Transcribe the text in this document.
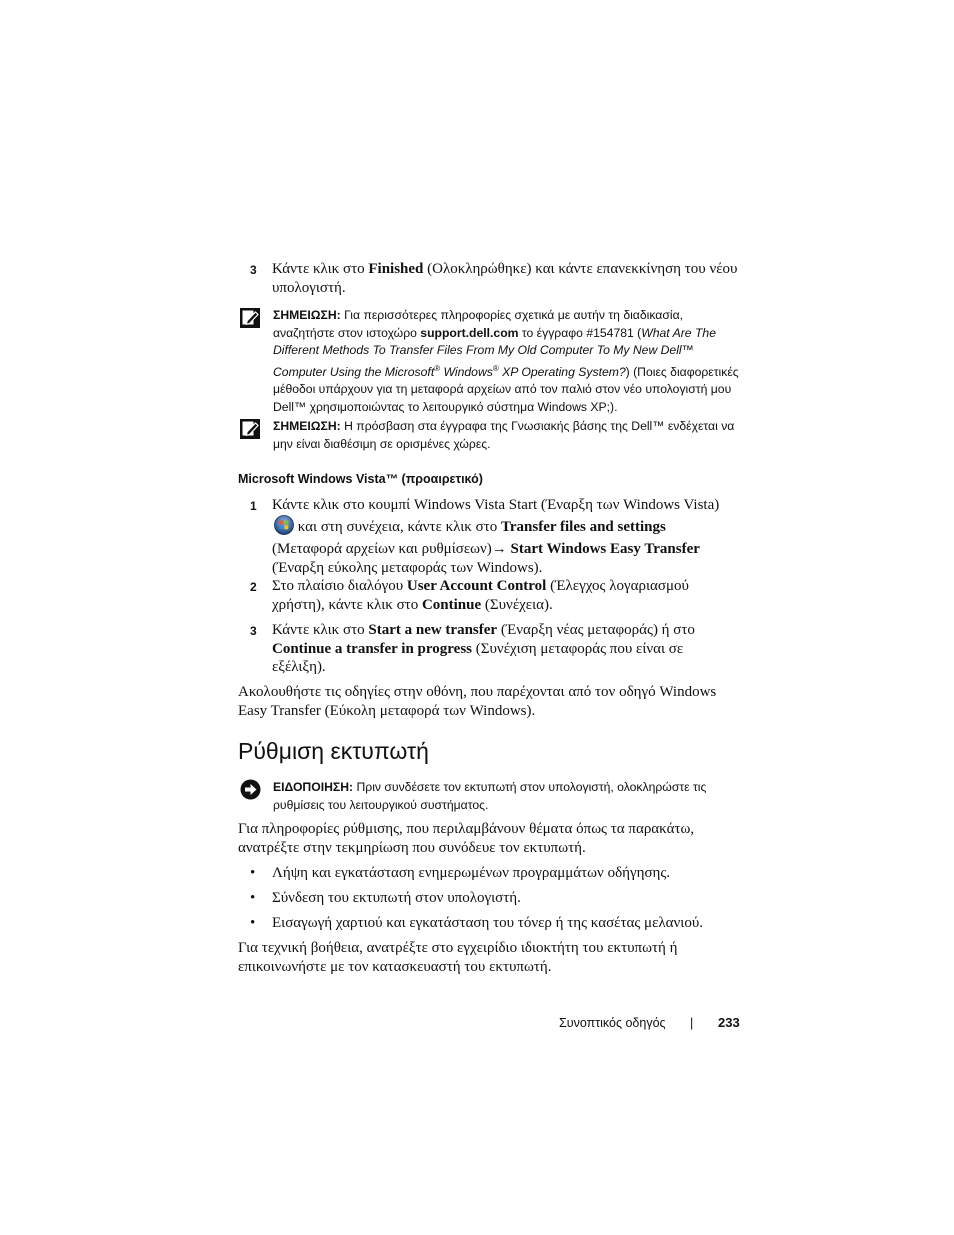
3 Κάντε κλικ στο Finished (Ολοκληρώθηκε) και κάντε επανεκκίνηση του νέου υπολογιστή.
ΣΗΜΕΙΩΣΗ: Για περισσότερες πληροφορίες σχετικά με αυτήν τη διαδικασία, αναζητήστε στον ιστοχώρο support.dell.com το έγγραφο #154781 (What Are The Different Methods To Transfer Files From My Old Computer To My New Dell™ Computer Using the Microsoft® Windows® XP Operating System?) (Ποιες διαφορετικές μέθοδοι υπάρχουν για τη μεταφορά αρχείων από τον παλιό στον νέο υπολογιστή μου Dell™ χρησιμοποιώντας το λειτουργικό σύστημα Windows XP;).
ΣΗΜΕΙΩΣΗ: Η πρόσβαση στα έγγραφα της Γνωσιακής βάσης της Dell™ ενδέχεται να μην είναι διαθέσιμη σε ορισμένες χώρες.
Microsoft Windows Vista™ (προαιρετικό)
1 Κάντε κλικ στο κουμπί Windows Vista Start (Έναρξη των Windows Vista)
και στη συνέχεια, κάντε κλικ στο Transfer files and settings (Μεταφορά αρχείων και ρυθμίσεων)→ Start Windows Easy Transfer (Έναρξη εύκολης μεταφοράς των Windows).
2 Στο πλαίσιο διαλόγου User Account Control (Έλεγχος λογαριασμού χρήστη), κάντε κλικ στο Continue (Συνέχεια).
3 Κάντε κλικ στο Start a new transfer (Έναρξη νέας μεταφοράς) ή στο Continue a transfer in progress (Συνέχιση μεταφοράς που είναι σε εξέλιξη).
Ακολουθήστε τις οδηγίες στην οθόνη, που παρέχονται από τον οδηγό Windows Easy Transfer (Εύκολη μεταφορά των Windows).
Ρύθμιση εκτυπωτή
ΕΙΔΟΠΟΙΗΣΗ: Πριν συνδέσετε τον εκτυπωτή στον υπολογιστή, ολοκληρώστε τις ρυθμίσεις του λειτουργικού συστήματος.
Για πληροφορίες ρύθμισης, που περιλαμβάνουν θέματα όπως τα παρακάτω, ανατρέξτε στην τεκμηρίωση που συνόδευε τον εκτυπωτή.
• Λήψη και εγκατάσταση ενημερωμένων προγραμμάτων οδήγησης.
• Σύνδεση του εκτυπωτή στον υπολογιστή.
• Εισαγωγή χαρτιού και εγκατάσταση του τόνερ ή της κασέτας μελανιού.
Για τεχνική βοήθεια, ανατρέξτε στο εγχειρίδιο ιδιοκτήτη του εκτυπωτή ή επικοινωνήστε με τον κατασκευαστή του εκτυπωτή.
Συνοπτικός οδηγός | 233
